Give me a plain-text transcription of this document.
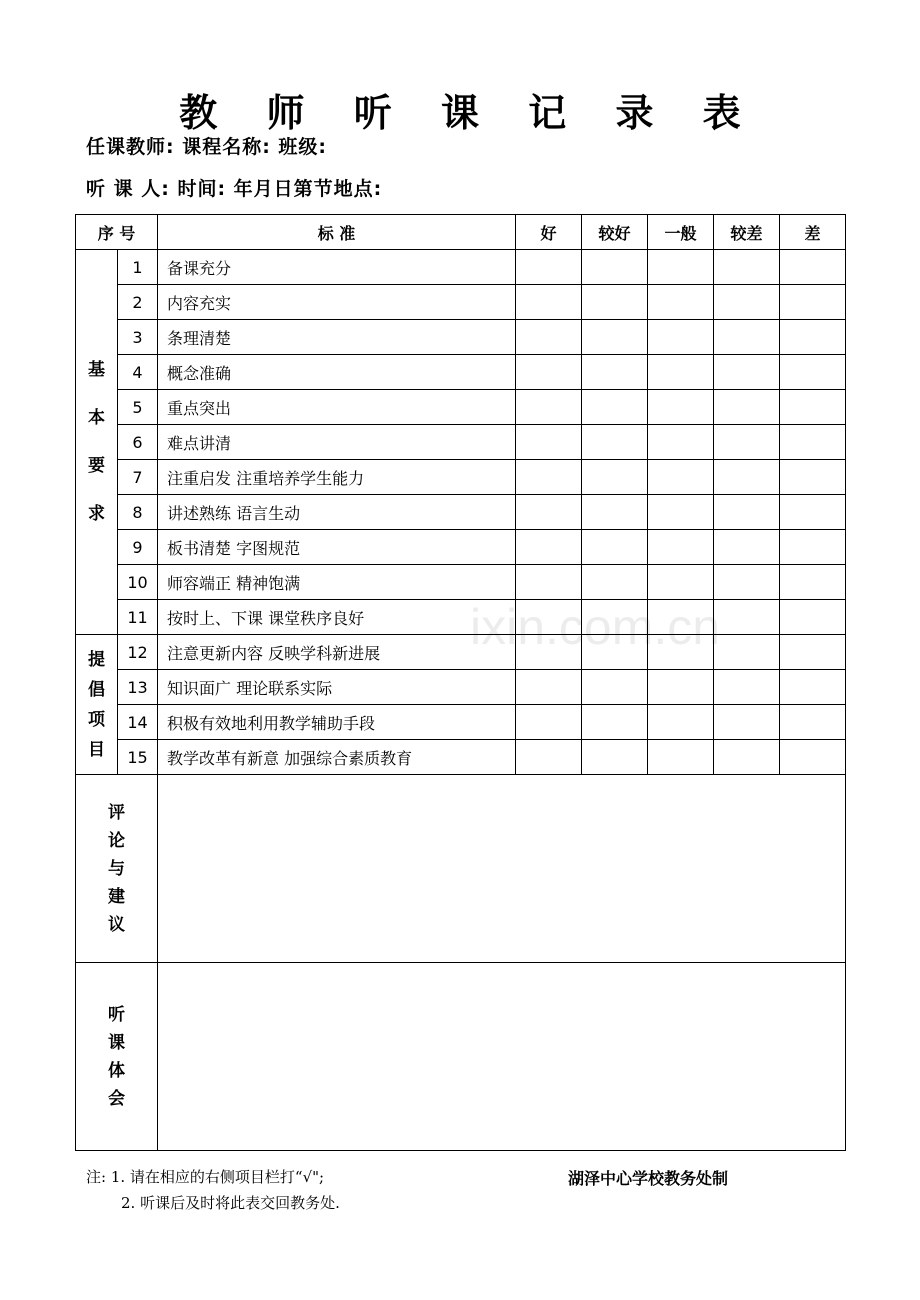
教 师 听 课 记 录 表
任课教师: 课程名称: 班级:
听 课 人: 时间: 年月日第节地点:
序 号		标 准	好	较好	一般	较差	差
基
本
要
求	1	备课充分					
	2	内容充实					
	3	条理清楚					
	4	概念准确					
	5	重点突出					
	6	难点讲清					
	7	注重启发 注重培养学生能力					
	8	讲述熟练 语言生动					
	9	板书清楚 字图规范					
	10	师容端正 精神饱满					
	11	按时上、下课 课堂秩序良好					
提
倡
项
目	12	注意更新内容 反映学科新进展					
	13	知识面广 理论联系实际					
	14	积极有效地利用教学辅助手段					
	15	教学改革有新意 加强综合素质教育					
评
论
与
建
议							
听
课
体
会							
ixin.com.cn
注: 1. 请在相应的右侧项目栏打“√";
2. 听课后及时将此表交回教务处.
湖泽中心学校教务处制
